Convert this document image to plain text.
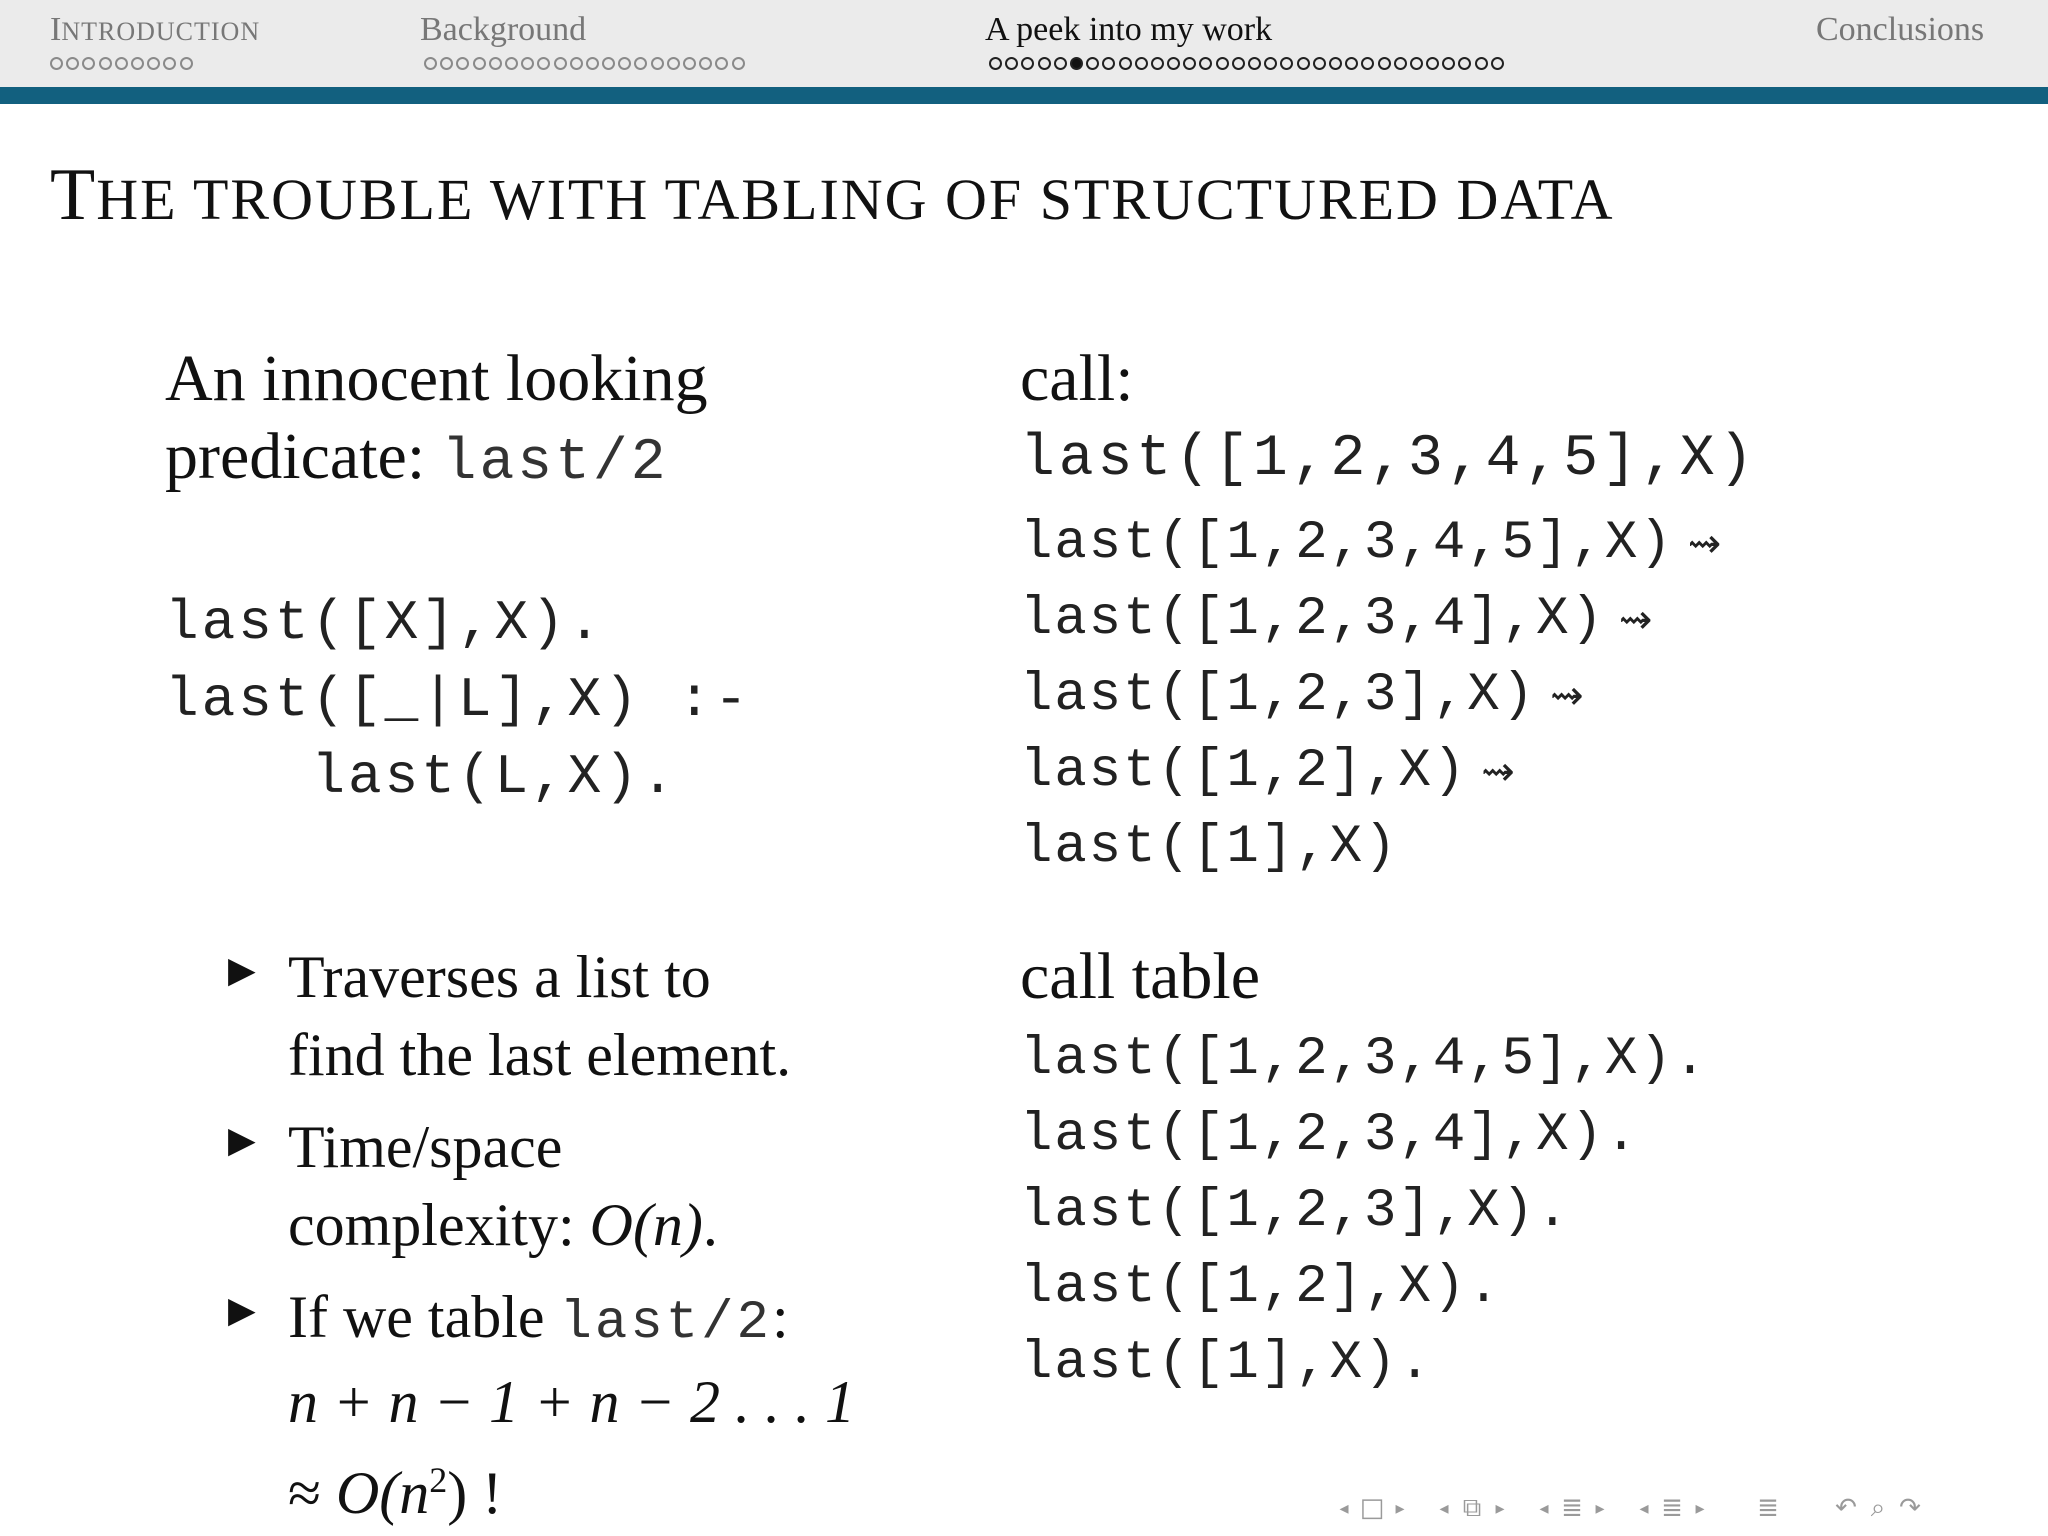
INTRODUCTION	Background	A peek into my work	Conclusions
THE TROUBLE WITH TABLING OF STRUCTURED DATA
An innocent looking
predicate: last/2
last([X],X).
last([_|L],X) :-
last(L,X).
▶ Traverses a list to
find the last element.
▶ Time/space
complexity: O(n).
▶ If we table last/2:
n + n − 1 + n − 2 . . . 1
≈ $O(n^2)$ !
call:
last([1,2,3,4,5],X)
last([1,2,3,4,5],X) ⇝
last([1,2,3,4],X) ⇝
last([1,2,3],X) ⇝
last([1,2],X) ⇝
last([1],X)
call table
last([1,2,3,4,5],X).
last([1,2,3,4],X).
last([1,2,3],X).
last([1,2],X).
last([1],X).
◂ □ ▸ ◂ ⧉ ▸ ◂ ≣ ▸ ◂ ≣ ▸	≣	↶ ⌕ ↷
